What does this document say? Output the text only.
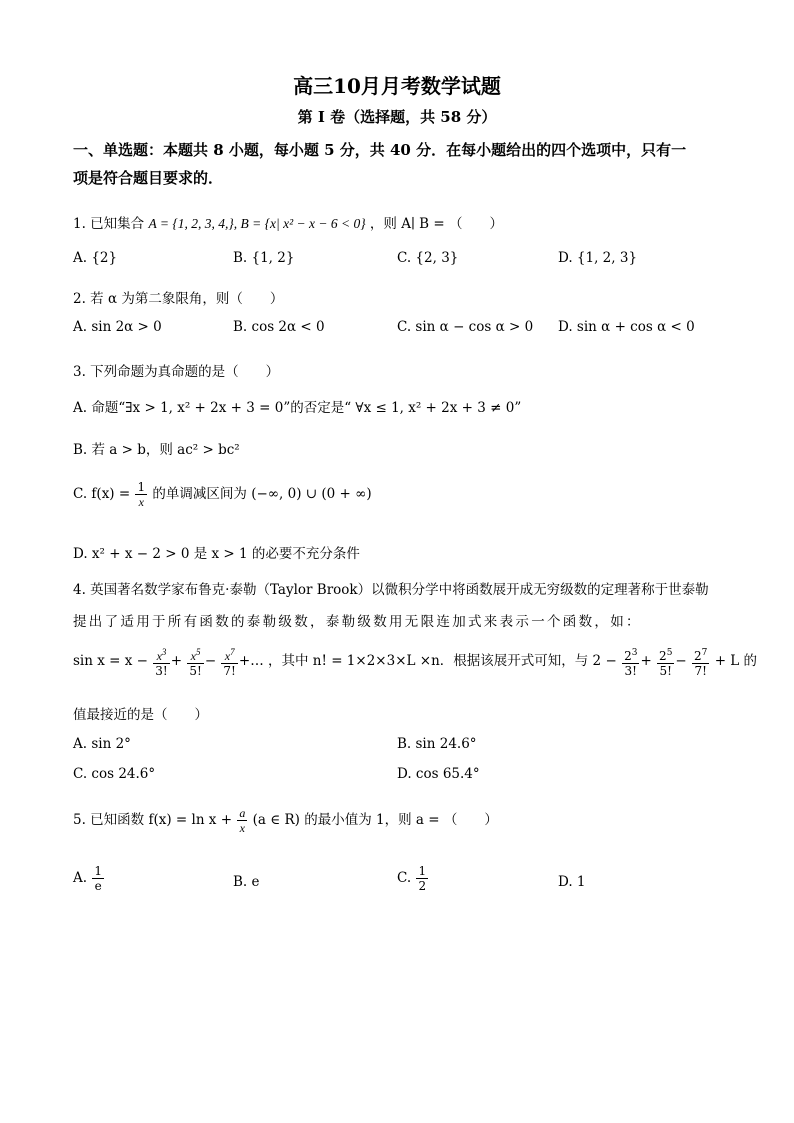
高三10月月考数学试题
第 I 卷（选择题，共 58 分）
一、单选题：本题共 8 小题，每小题 5 分，共 40 分．在每小题给出的四个选项中，只有一
项是符合题目要求的．
1. 已知集合 A = {1, 2, 3, 4,}, B = {x| x² − x − 6 < 0} ，则 A∣ B = （　　）
A. {2}	B. {1, 2}	C. {2, 3}	D. {1, 2, 3}
2. 若 α 为第二象限角，则（　　）
A. sin 2α > 0	B. cos 2α < 0	C. sin α − cos α > 0 D. sin α + cos α < 0
3. 下列命题为真命题的是（　　）
A. 命题“∃x > 1, x² + 2x + 3 = 0”的否定是“ ∀x ≤ 1, x² + 2x + 3 ≠ 0”
B. 若 a > b，则 ac² > bc²
C. $f(x) = \frac{1}{x}$ 的单调减区间为 (−∞, 0) ∪ (0 + ∞)
D. x² + x − 2 > 0 是 x > 1 的必要不充分条件
4. 英国著名数学家布鲁克·泰勒（Taylor Brook）以微积分学中将函数展开成无穷级数的定理著称于世泰勒
提出了适用于所有函数的泰勒级数，泰勒级数用无限连加式来表示一个函数，如：
$\sin x = x - \frac{x^3}{3!} + \frac{x^5}{5!} - \frac{x^7}{7!}$ +… ，其中 n! = 1×2×3×L ×n．根据该展开式可知，与 $2 - \frac{2^3}{3!} + \frac{2^5}{5!} - \frac{2^7}{7!} + L$ 的
值最接近的是（　　）
A. sin 2°	B. sin 24.6°
C. cos 24.6°	D. cos 65.4°
5. 已知函数 $f(x) = \ln x + \frac{a}{x} (a$ ∈ R) 的最小值为 1，则 a = （　　）
A. $\frac{1}{e}$	B. e	C. $\frac{1}{2}$	D. 1
